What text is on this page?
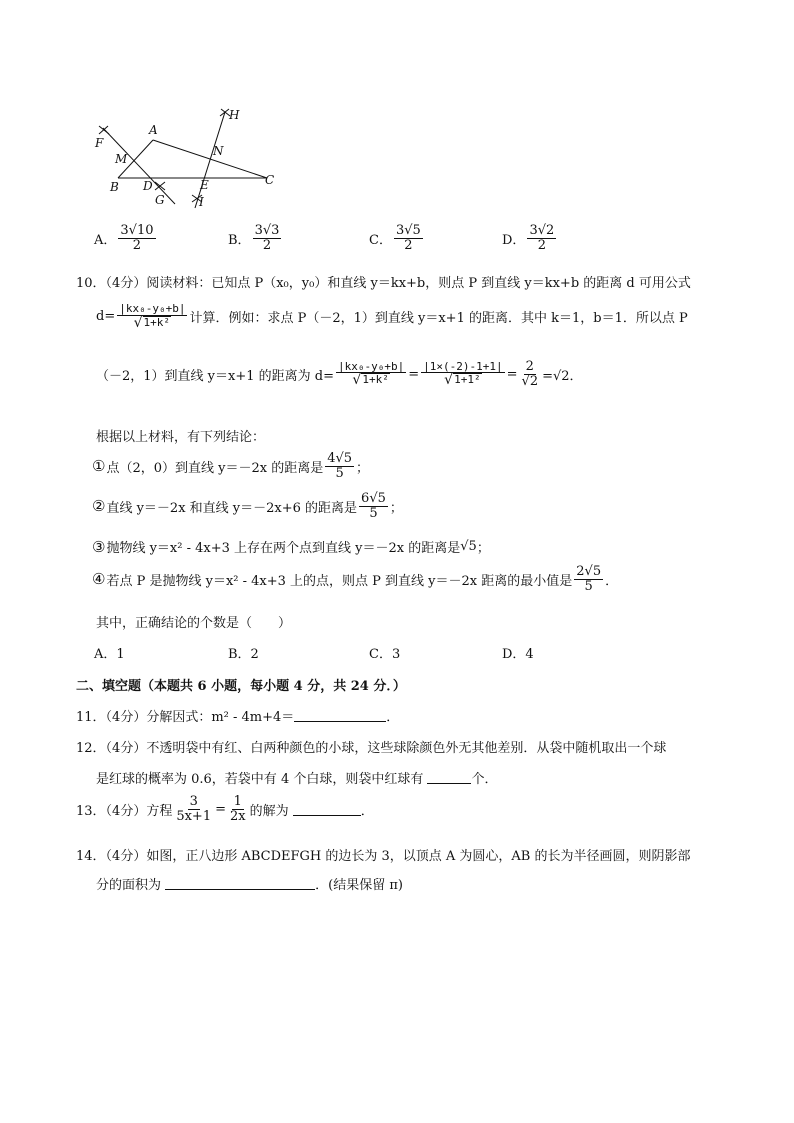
F
A
M
N
H
B D	E	C
G	I
A． $\frac{3√10}{2}$	B． $\frac{3√3}{2}$	C． $\frac{3√5}{2}$	D． $\frac{3√2}{2}$
10．（4分）阅读材料：已知点
P（x₀，y₀）和直线
y＝kx+b，则点 P 到直线 y＝kx+b 的距离 d 可用公式
$d= \frac{\text{|kx₀-y₀+b|}}{\text{√ 1+k²}}$ 计算．例如：求点 P（－2，1）到直线 y＝x+1 的距离．其中 k＝1，b＝1．所以点 P
（－2，1）到直线 y＝x+1 的距离为 $d= \frac{\text{|kx₀-y₀+b|}}{\text{√ 1+k²}} = \frac{|1\times(-2)-1+1|}{\text{√ 1+1²}} = \frac{2}{√2} =√2$．
根据以上材料，有下列结论：
① 点（2，0）到直线 y＝－2x 的距离是 $\frac{4√5}{5}$ ；
② 直线 y＝－2x 和直线 y＝－2x+6 的距离是 $\frac{6√5}{5}$ ；
③ 抛物线 y＝x² - 4x+3 上存在两个点到直线 y＝－2x 的距离是 √5 ；
④ 若点 P 是抛物线 y＝x² - 4x+3 上的点，则点 P 到直线 y＝－2x 距离的最小值是 $\frac{2√5}{5}$ ．
其中，正确结论的个数是（　　）
A．1	B．2	C．3	D．4
二、填空题（本题共 6 小题，每小题 4 分，共 24 分．）
11．（4分）分解因式：m² - 4m+4＝	．
12．（4分）不透明袋中有红、白两种颜色的小球，这些球除颜色外无其他差别．从袋中随机取出一个球
是红球的概率为 0.6，若袋中有 4 个白球，则袋中红球有
	个．
13．（4分）方程 $\frac{3}{5x+1} = \frac{1}{2x}$ 的解为
	．
14．（4分）如图，正八边形 ABCDEFGH 的边长为 3，以顶点 A 为圆心，AB 的长为半径画圆，则阴影部
分的面积为
	．(结果保留 π)
